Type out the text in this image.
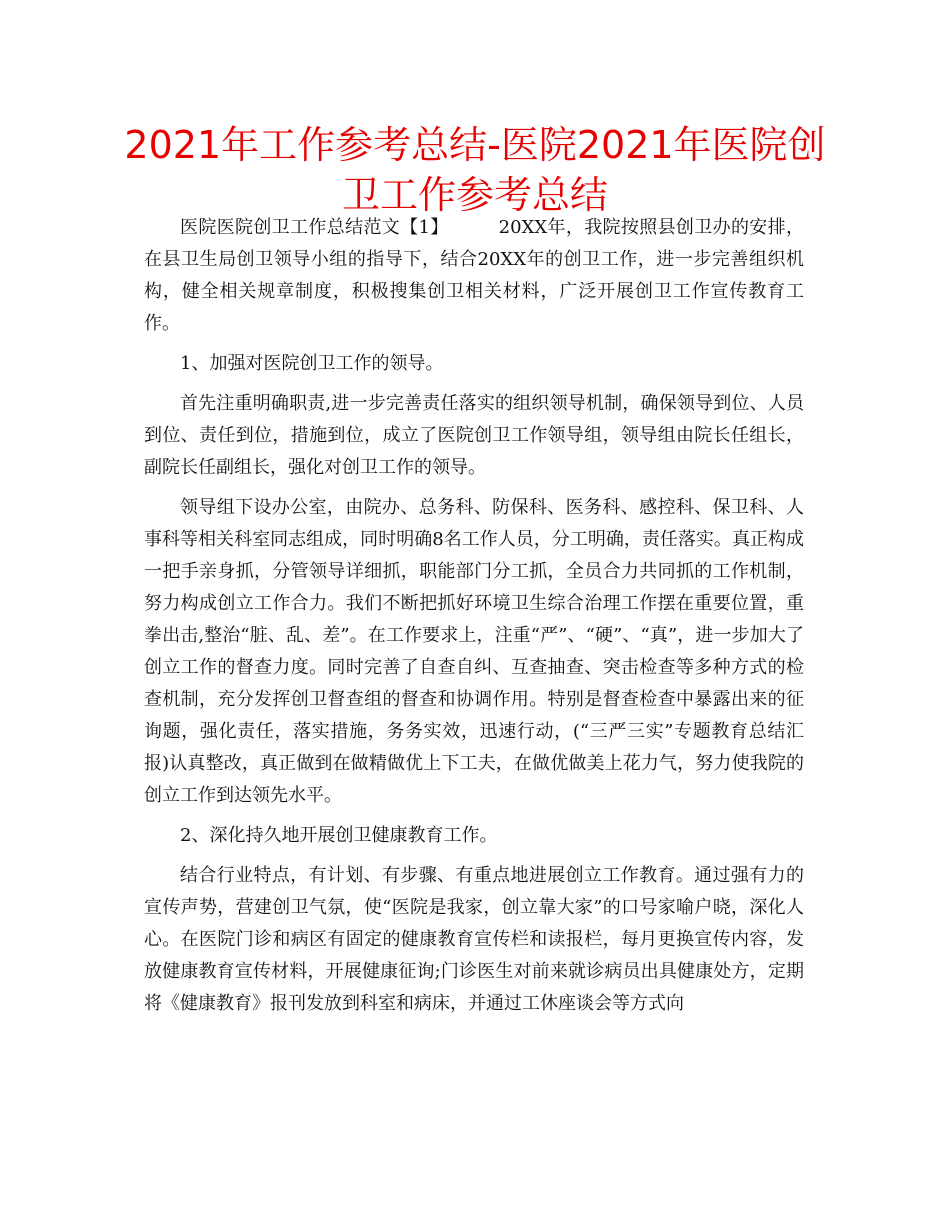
2021年工作参考总结-医院2021年医院创卫工作参考总结

医院医院创卫工作总结范文【1】	20XX年，我院按照县创卫办的安排，在县卫生局创卫领导小组的指导下，结合20XX年的创卫工作，进一步完善组织机构，健全相关规章制度，积极搜集创卫相关材料，广泛开展创卫工作宣传教育工作。

1、加强对医院创卫工作的领导。

首先注重明确职责,进一步完善责任落实的组织领导机制，确保领导到位、人员到位、责任到位，措施到位，成立了医院创卫工作领导组，领导组由院长任组长，副院长任副组长，强化对创卫工作的领导。

领导组下设办公室，由院办、总务科、防保科、医务科、感控科、保卫科、人事科等相关科室同志组成，同时明确8名工作人员，分工明确，责任落实。真正构成一把手亲身抓，分管领导详细抓，职能部门分工抓，全员合力共同抓的工作机制，努力构成创立工作合力。我们不断把抓好环境卫生综合治理工作摆在重要位置，重拳出击,整治“脏、乱、差”。在工作要求上，注重“严”、“硬”、“真”，进一步加大了创立工作的督查力度。同时完善了自查自纠、互查抽查、突击检查等多种方式的检查机制，充分发挥创卫督查组的督查和协调作用。特别是督查检查中暴露出来的征询题，强化责任，落实措施，务务实效，迅速行动，(“三严三实”专题教育总结汇报)认真整改，真正做到在做精做优上下工夫，在做优做美上花力气，努力使我院的创立工作到达领先水平。

2、深化持久地开展创卫健康教育工作。

结合行业特点，有计划、有步骤、有重点地进展创立工作教育。通过强有力的宣传声势，营建创卫气氛，使“医院是我家，创立靠大家”的口号家喻户晓，深化人心。在医院门诊和病区有固定的健康教育宣传栏和读报栏，每月更换宣传内容，发放健康教育宣传材料，开展健康征询;门诊医生对前来就诊病员出具健康处方，定期将《健康教育》报刊发放到科室和病床，并通过工休座谈会等方式向
